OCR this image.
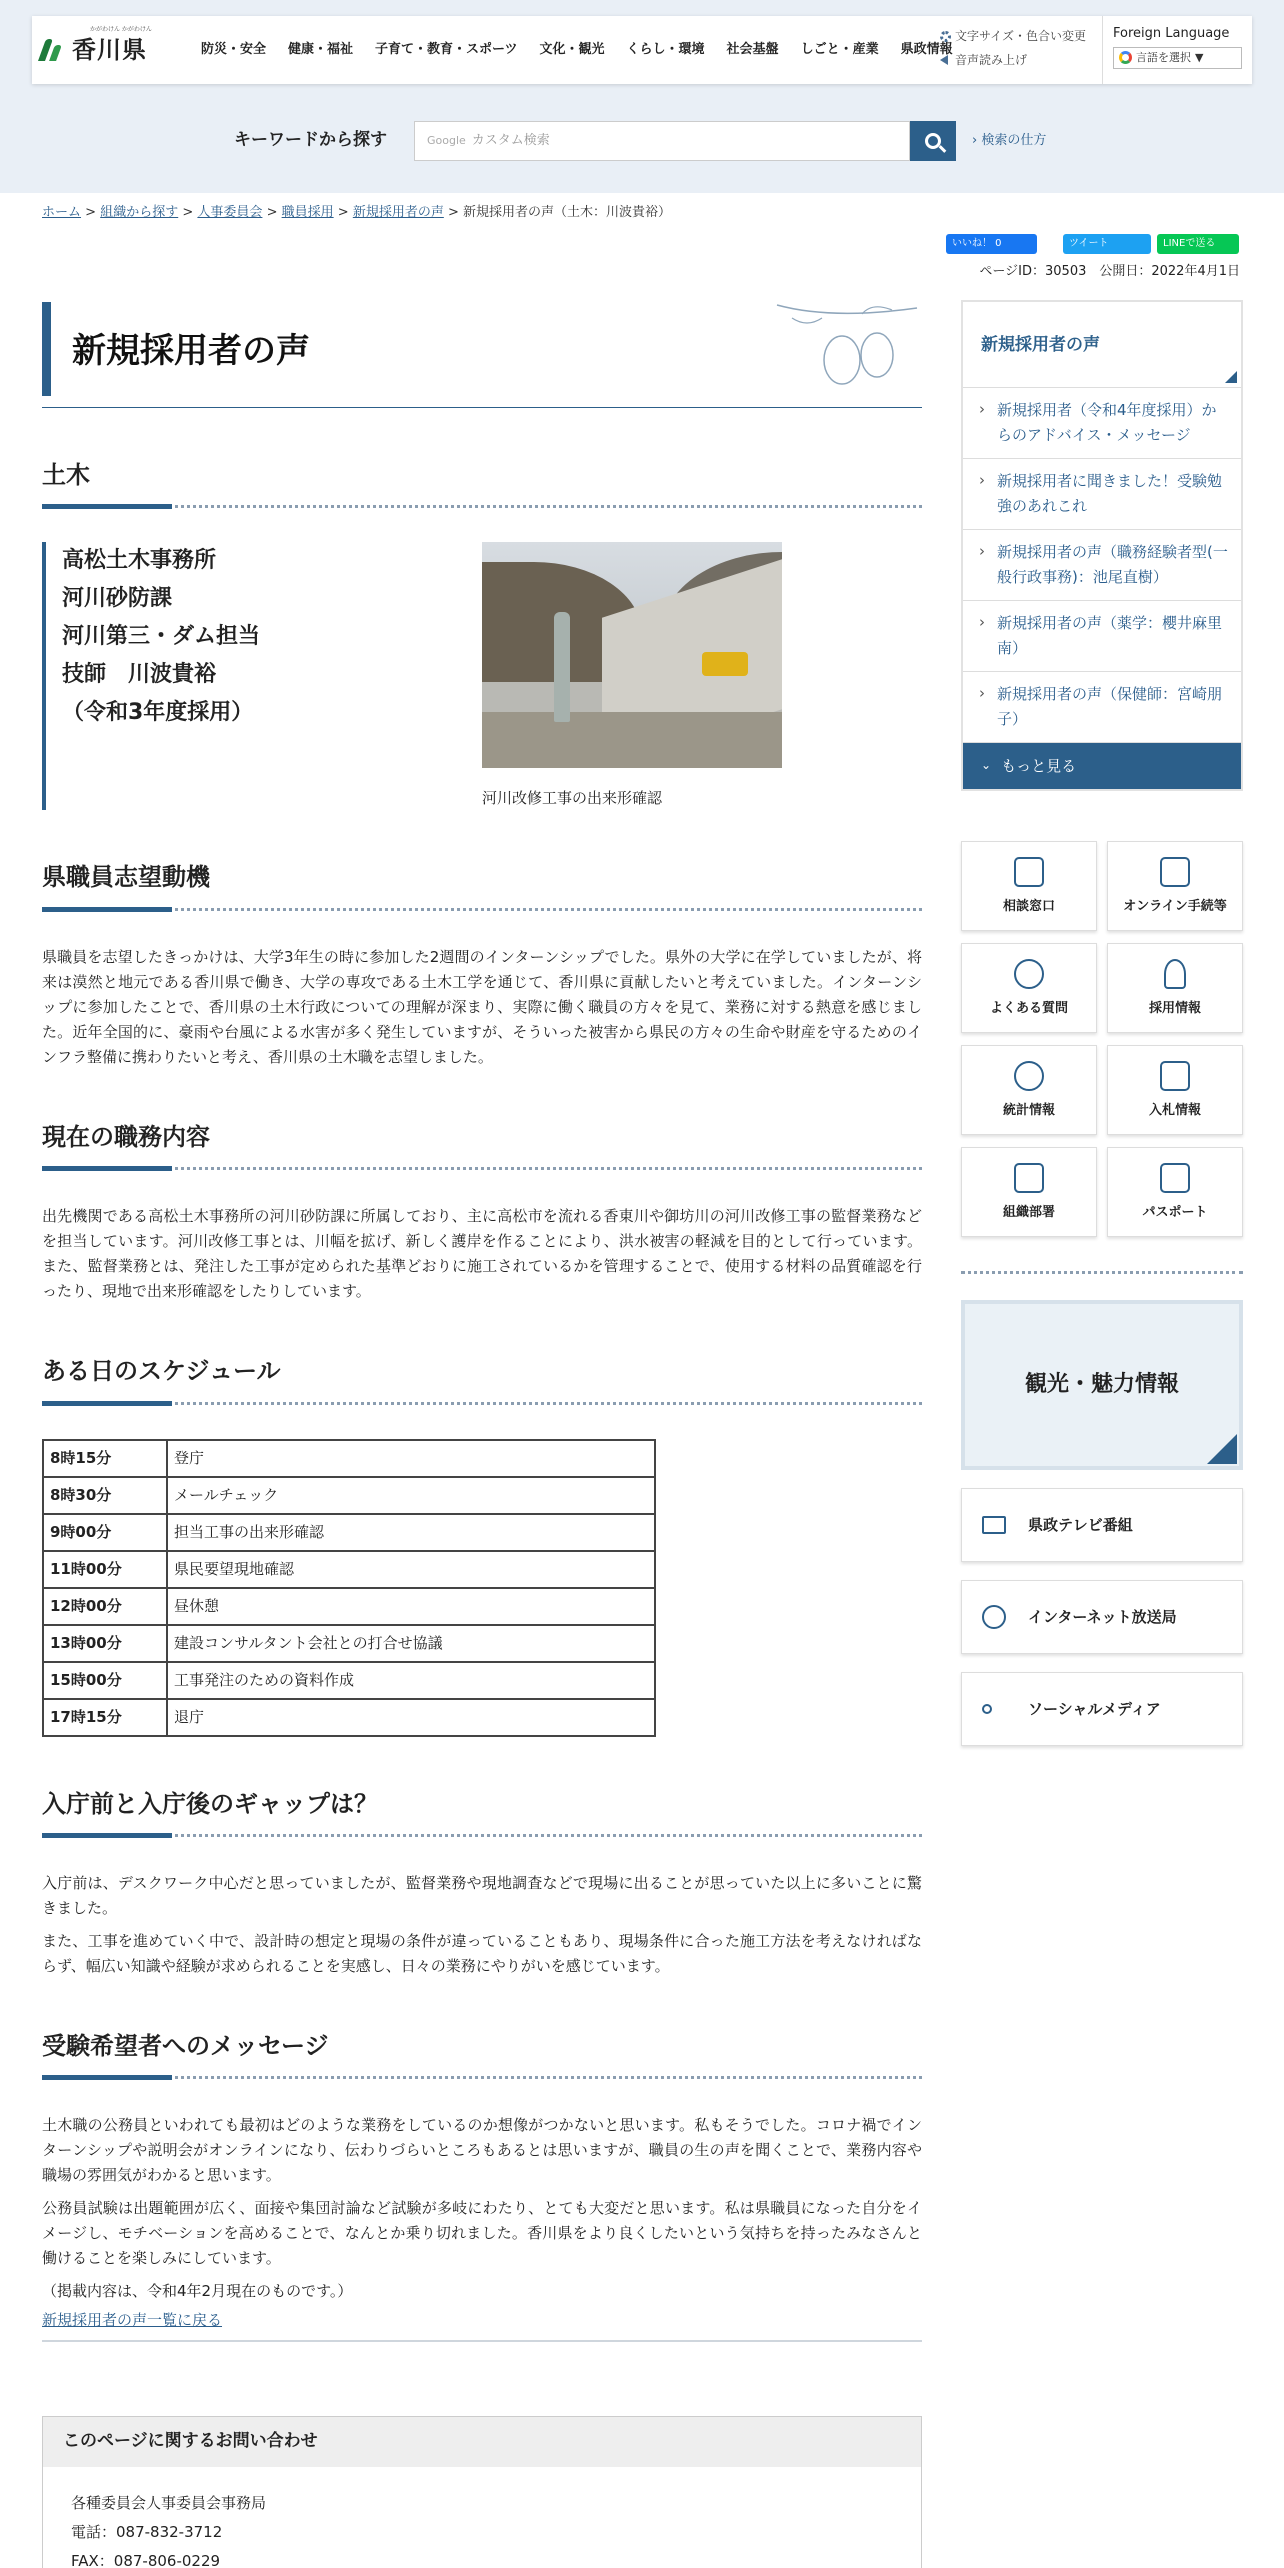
香川県
かがわけん かがわけん
防災・安全	健康・福祉	子育て・教育・スポーツ	文化・観光	くらし・環境	社会基盤	しごと・産業	県政情報
文字サイズ・色合い変更
音声読み上げ
Foreign Language
言語を選択 ▼
キーワードから探す	Google カスタム検索	› 検索の仕方
ホーム > 組織から探す > 人事委員会 > 職員採用 > 新規採用者の声 > 新規採用者の声（土木：川波貴裕）
いいね！ 0	ツイート	LINEで送る
ページID：30503　公開日：2022年4月1日
新規採用者の声
土木
高松土木事務所
河川砂防課
河川第三・ダム担当
技師　川波貴裕
（令和3年度採用）
河川改修工事の出来形確認
県職員志望動機

県職員を志望したきっかけは、大学3年生の時に参加した2週間のインターンシップでした。県外の大学に在学していましたが、将来は漠然と地元である香川県で働き、大学の専攻である土木工学を通じて、香川県に貢献したいと考えていました。インターンシップに参加したことで、香川県の土木行政についての理解が深まり、実際に働く職員の方々を見て、業務に対する熱意を感じました。近年全国的に、豪雨や台風による水害が多く発生していますが、そういった被害から県民の方々の生命や財産を守るためのインフラ整備に携わりたいと考え、香川県の土木職を志望しました。

現在の職務内容

出先機関である高松土木事務所の河川砂防課に所属しており、主に高松市を流れる香東川や御坊川の河川改修工事の監督業務などを担当しています。河川改修工事とは、川幅を拡げ、新しく護岸を作ることにより、洪水被害の軽減を目的として行っています。また、監督業務とは、発注した工事が定められた基準どおりに施工されているかを管理することで、使用する材料の品質確認を行ったり、現地で出来形確認をしたりしています。

ある日のスケジュール
8時15分	登庁
8時30分	メールチェック
9時00分	担当工事の出来形確認
11時00分	県民要望現地確認
12時00分	昼休憩
13時00分	建設コンサルタント会社との打合せ協議
15時00分	工事発注のための資料作成
17時15分	退庁
入庁前と入庁後のギャップは？

入庁前は、デスクワーク中心だと思っていましたが、監督業務や現地調査などで現場に出ることが思っていた以上に多いことに驚きました。

また、工事を進めていく中で、設計時の想定と現場の条件が違っていることもあり、現場条件に合った施工方法を考えなければならず、幅広い知識や経験が求められることを実感し、日々の業務にやりがいを感じています。

受験希望者へのメッセージ

土木職の公務員といわれても最初はどのような業務をしているのか想像がつかないと思います。私もそうでした。コロナ禍でインターンシップや説明会がオンラインになり、伝わりづらいところもあるとは思いますが、職員の生の声を聞くことで、業務内容や職場の雰囲気がわかると思います。

公務員試験は出題範囲が広く、面接や集団討論など試験が多岐にわたり、とても大変だと思います。私は県職員になった自分をイメージし、モチベーションを高めることで、なんとか乗り切れました。香川県をより良くしたいという気持ちを持ったみなさんと働けることを楽しみにしています。

（掲載内容は、令和4年2月現在のものです。）

新規採用者の声一覧に戻る
このページに関するお問い合わせ
各種委員会人事委員会事務局
電話：087-832-3712
FAX：087-806-0229
新規採用者の声
› 新規採用者（令和4年度採用）からのアドバイス・メッセージ
› 新規採用者に聞きました！受験勉強のあれこれ
› 新規採用者の声（職務経験者型(一般行政事務)：池尾直樹）
› 新規採用者の声（薬学：櫻井麻里南）
› 新規採用者の声（保健師：宮崎朋子）
⌄ もっと見る
相談窓口	オンライン手続等
よくある質問	採用情報
統計情報	入札情報
組織部署	パスポート
観光・魅力情報
県政テレビ番組
インターネット放送局
ソーシャルメディア
